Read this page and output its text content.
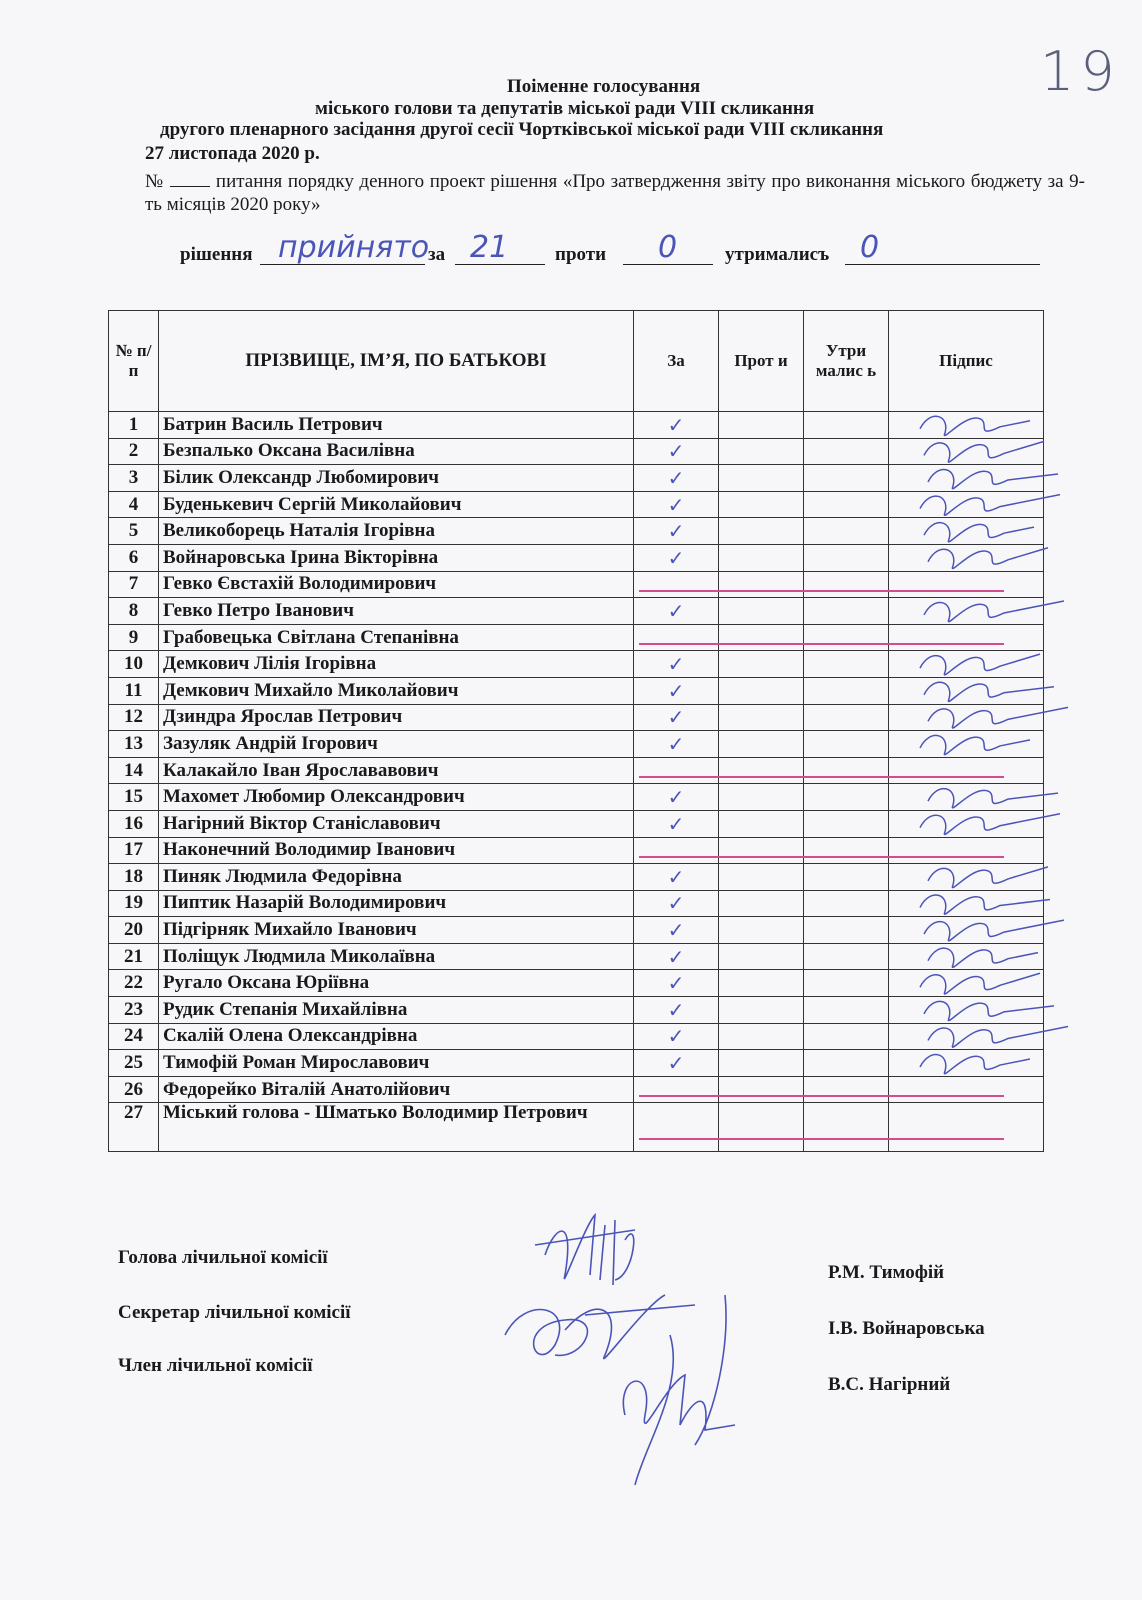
19
Поіменне голосування
міського голови та депутатів міської ради VIII скликання
другого пленарного засідання другої сесії Чортківської міської ради VIII скликання
27 листопада 2020 р.
№	питання порядку денного проект рішення «Про затвердження звіту про виконання міського бюджету за 9-ть місяців 2020 року»
рішення прийнято
за 21 проти 0	утрималисъ 0
№ п/п	ПРІЗВИЩЕ, ІМ’Я, ПО БАТЬКОВІ	За	Прот и	Утри малис ь	Підпис
1	Батрин Василь Петрович	✓			

2	Безпалько Оксана Василівна	✓			

3	Білик Олександр Любомирович	✓			

4	Буденькевич Сергій Миколайович	✓			

5	Великоборець Наталія Ігорівна	✓			

6	Войнаровська Ірина Вікторівна	✓			

7	Гевко Євстахій Володимирович				
8	Гевко Петро Іванович	✓			

9	Грабовецька Світлана Степанівна				
10	Демкович Лілія Ігорівна	✓			

11	Демкович Михайло Миколайович	✓			

12	Дзиндра Ярослав Петрович	✓			

13	Зазуляк Андрій Ігорович	✓			

14	Калакайло Іван Ярослававович				
15	Махомет Любомир Олександрович	✓			

16	Нагірний Віктор Станіславович	✓			

17	Наконечний Володимир Іванович				
18	Пиняк Людмила Федорівна	✓			

19	Пиптик Назарій Володимирович	✓			

20	Підгірняк Михайло Іванович	✓			

21	Поліщук Людмила Миколаївна	✓			

22	Ругало Оксана Юріївна	✓			

23	Рудик Степанія Михайлівна	✓			

24	Скалій Олена Олександрівна	✓			

25	Тимофій Роман Мирославович	✓			

26	Федорейко Віталій Анатолійович				
27	Міський голова - Шматько Володимир Петрович				
Голова лічильної комісії
Секретар лічильної комісії
Член лічильної комісії
Р.М. Тимофій
І.В. Войнаровська
В.С. Нагірний
